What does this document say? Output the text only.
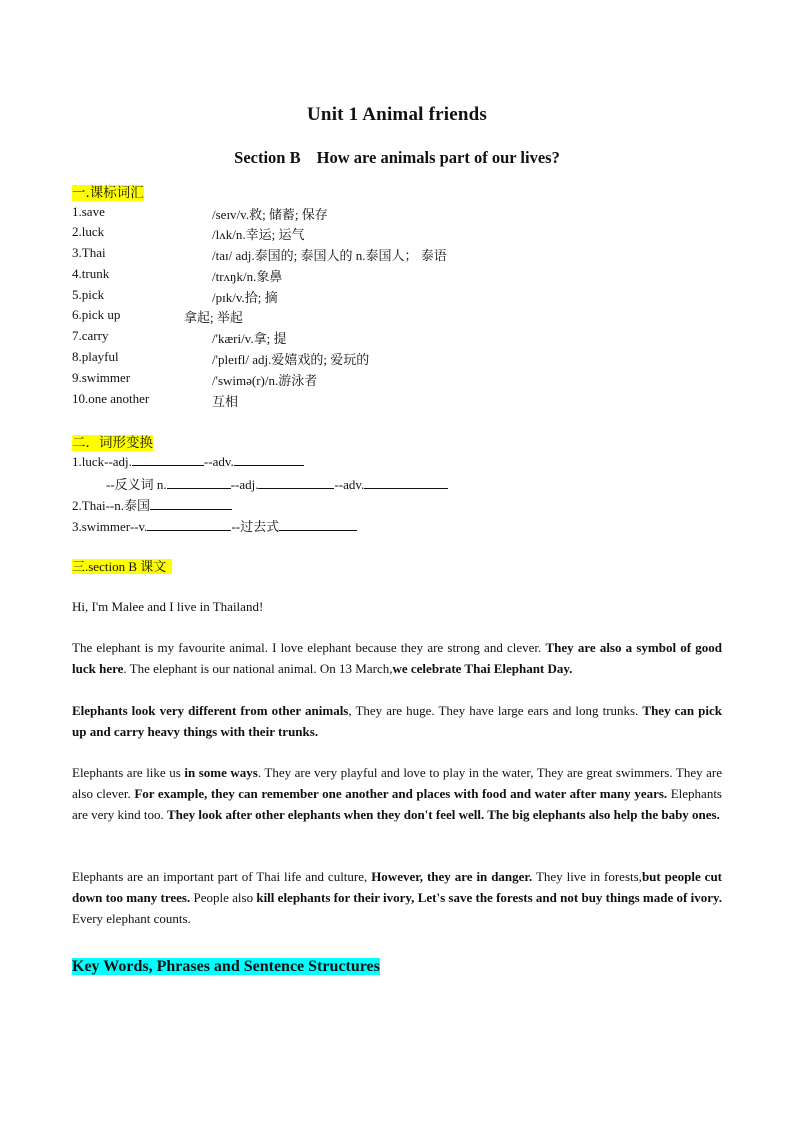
Unit 1 Animal friends
Section B How are animals part of our lives?
一.课标词汇
1.save	/seɪv/v.救; 储蓄; 保存
2.luck	/lʌk/n.幸运; 运气
3.Thai	/taɪ/ adj.泰国的; 泰国人的 n.泰国人； 泰语
4.trunk	/trʌŋk/n.象鼻
5.pick	/pɪk/v.拾; 摘
6.pick up	拿起; 举起
7.carry	/'kæri/v.拿; 提
8.playful	/'pleɪfl/ adj.爱嬉戏的; 爱玩的
9.swimmer	/'swimə(r)/n.游泳者
10.one another	互相
二．词形变换
1.luck--adj.	--adv.
--反义词 n.	--adj.	--adv.
2.Thai--n.泰国
3.swimmer--v.	--过去式
三.section B 课文
Hi, I'm Malee and I live in Thailand!
The elephant is my favourite animal. I love elephant because they are strong and clever. They are also a symbol of good luck here. The elephant is our national animal. On 13 March,we celebrate Thai Elephant Day.
Elephants look very different from other animals, They are huge. They have large ears and long trunks. They can pick up and carry heavy things with their trunks.
Elephants are like us in some ways. They are very playful and love to play in the water, They are great swimmers. They are also clever. For example, they can remember one another and places with food and water after many years. Elephants are very kind too. They look after other elephants when they don't feel well. The big elephants also help the baby ones.
Elephants are an important part of Thai life and culture, However, they are in danger. They live in forests,but people cut down too many trees. People also kill elephants for their ivory, Let's save the forests and not buy things made of ivory. Every elephant counts.
Key Words, Phrases and Sentence Structures
